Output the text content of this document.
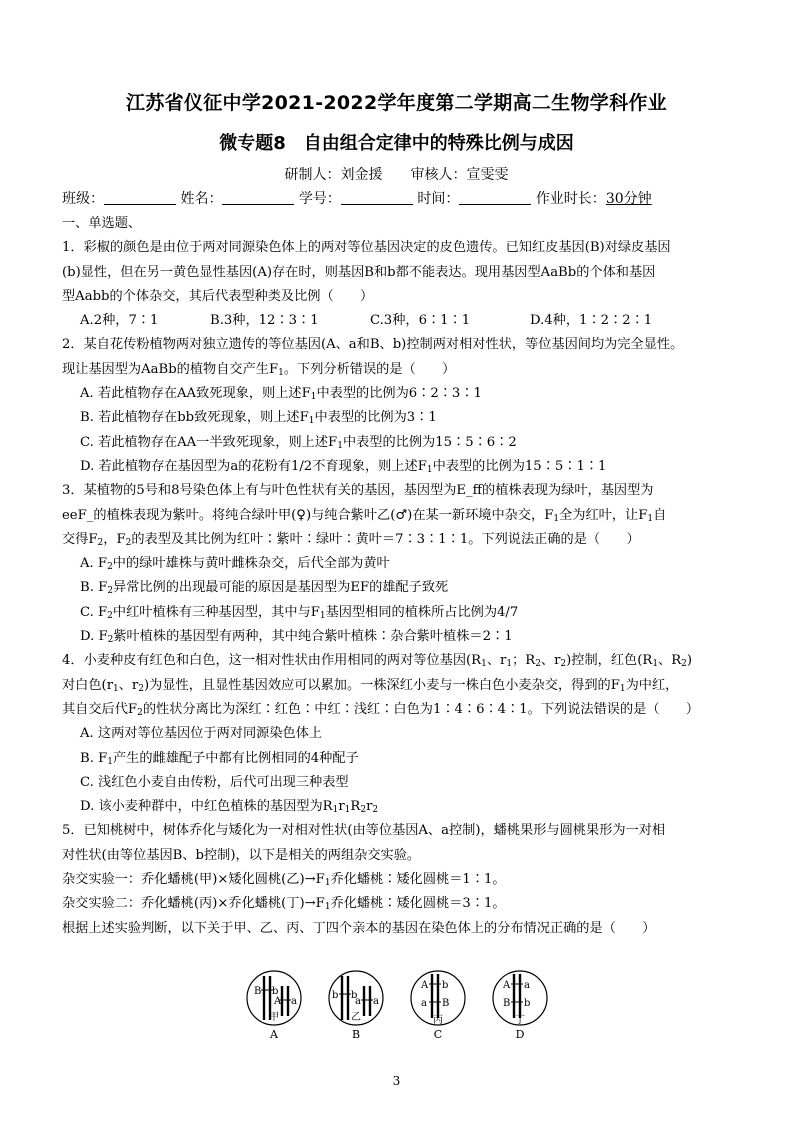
江苏省仪征中学2021-2022学年度第二学期高二生物学科作业
微专题8　自由组合定律中的特殊比例与成因
研制人：刘金援　　审核人：宣雯雯
班级：	姓名：	学号：	时间：	作业时长：30分钟

一、单选题、

1．彩椒的颜色是由位于两对同源染色体上的两对等位基因决定的皮色遗传。已知红皮基因(B)对绿皮基因

(b)显性，但在另一黄色显性基因(A)存在时，则基因B和b都不能表达。现用基因型AaBb的个体和基因

型Aabb的个体杂交，其后代表型种类及比例（　　）

A.2种，7∶1	B.3种，12∶3∶1	C.3种，6∶1∶1	D.4种，1∶2∶2∶1

2．某自花传粉植物两对独立遗传的等位基因(A、a和B、b)控制两对相对性状，等位基因间均为完全显性。

现让基因型为AaBb的植物自交产生$F_1$。下列分析错误的是（　　）

A. 若此植物存在AA致死现象，则上述$F_1$中表型的比例为6∶2∶3∶1

B. 若此植物存在bb致死现象，则上述$F_1$中表型的比例为3∶1

C. 若此植物存在AA一半致死现象，则上述$F_1$中表型的比例为15∶5∶6∶2

D. 若此植物存在基因型为a的花粉有1/2不育现象，则上述$F_1$中表型的比例为15∶5∶1∶1

3．某植物的5号和8号染色体上有与叶色性状有关的基因，基因型为E_ff的植株表现为绿叶，基因型为

eeF_的植株表现为紫叶。将纯合绿叶甲(♀)与纯合紫叶乙(♂)在某一新环境中杂交，$F_1$全为红叶，让$F_1$自

交得$F_2$，$F_2$的表型及其比例为红叶∶紫叶∶绿叶∶黄叶＝7∶3∶1∶1。下列说法正确的是（　　）

A. $F_2$中的绿叶雄株与黄叶雌株杂交，后代全部为黄叶

B. $F_2$异常比例的出现最可能的原因是基因型为EF的雄配子致死

C. $F_2$中红叶植株有三种基因型，其中与$F_1$基因型相同的植株所占比例为4/7

D. $F_2$紫叶植株的基因型有两种，其中纯合紫叶植株∶杂合紫叶植株＝2∶1

4．小麦种皮有红色和白色，这一相对性状由作用相同的两对等位基因($R_1$、$r_1$；$R_2$、$r_2$)控制，红色($R_1$、$R_2$)

对白色($r_1$、$r_2$)为显性，且显性基因效应可以累加。一株深红小麦与一株白色小麦杂交，得到的$F_1$为中红，

其自交后代$F_2$的性状分离比为深红∶红色∶中红∶浅红∶白色为1∶4∶6∶4∶1。下列说法错误的是（　　）

A. 这两对等位基因位于两对同源染色体上

B. $F_1$产生的雌雄配子中都有比例相同的4种配子

C. 浅红色小麦自由传粉，后代可出现三种表型

D. 该小麦种群中，中红色植株的基因型为$R_1r_1R_2r_2$

5．已知桃树中，树体乔化与矮化为一对相对性状(由等位基因A、a控制)，蟠桃果形与圆桃果形为一对相

对性状(由等位基因B、b控制)，以下是相关的两组杂交实验。

杂交实验一：乔化蟠桃(甲)×矮化圆桃(乙)$\to F_1$乔化蟠桃∶矮化圆桃＝1∶1。

杂交实验二：乔化蟠桃(丙)×乔化蟠桃(丁)$\to F_1$乔化蟠桃∶矮化圆桃＝3∶1。

根据上述实验判断，以下关于甲、乙、丙、丁四个亲本的基因在染色体上的分布情况正确的是（　　）

B b
A a
甲
A
b b
a a
乙
B
A b
a B
丙
C
A
B
a
b
丁
D
3
